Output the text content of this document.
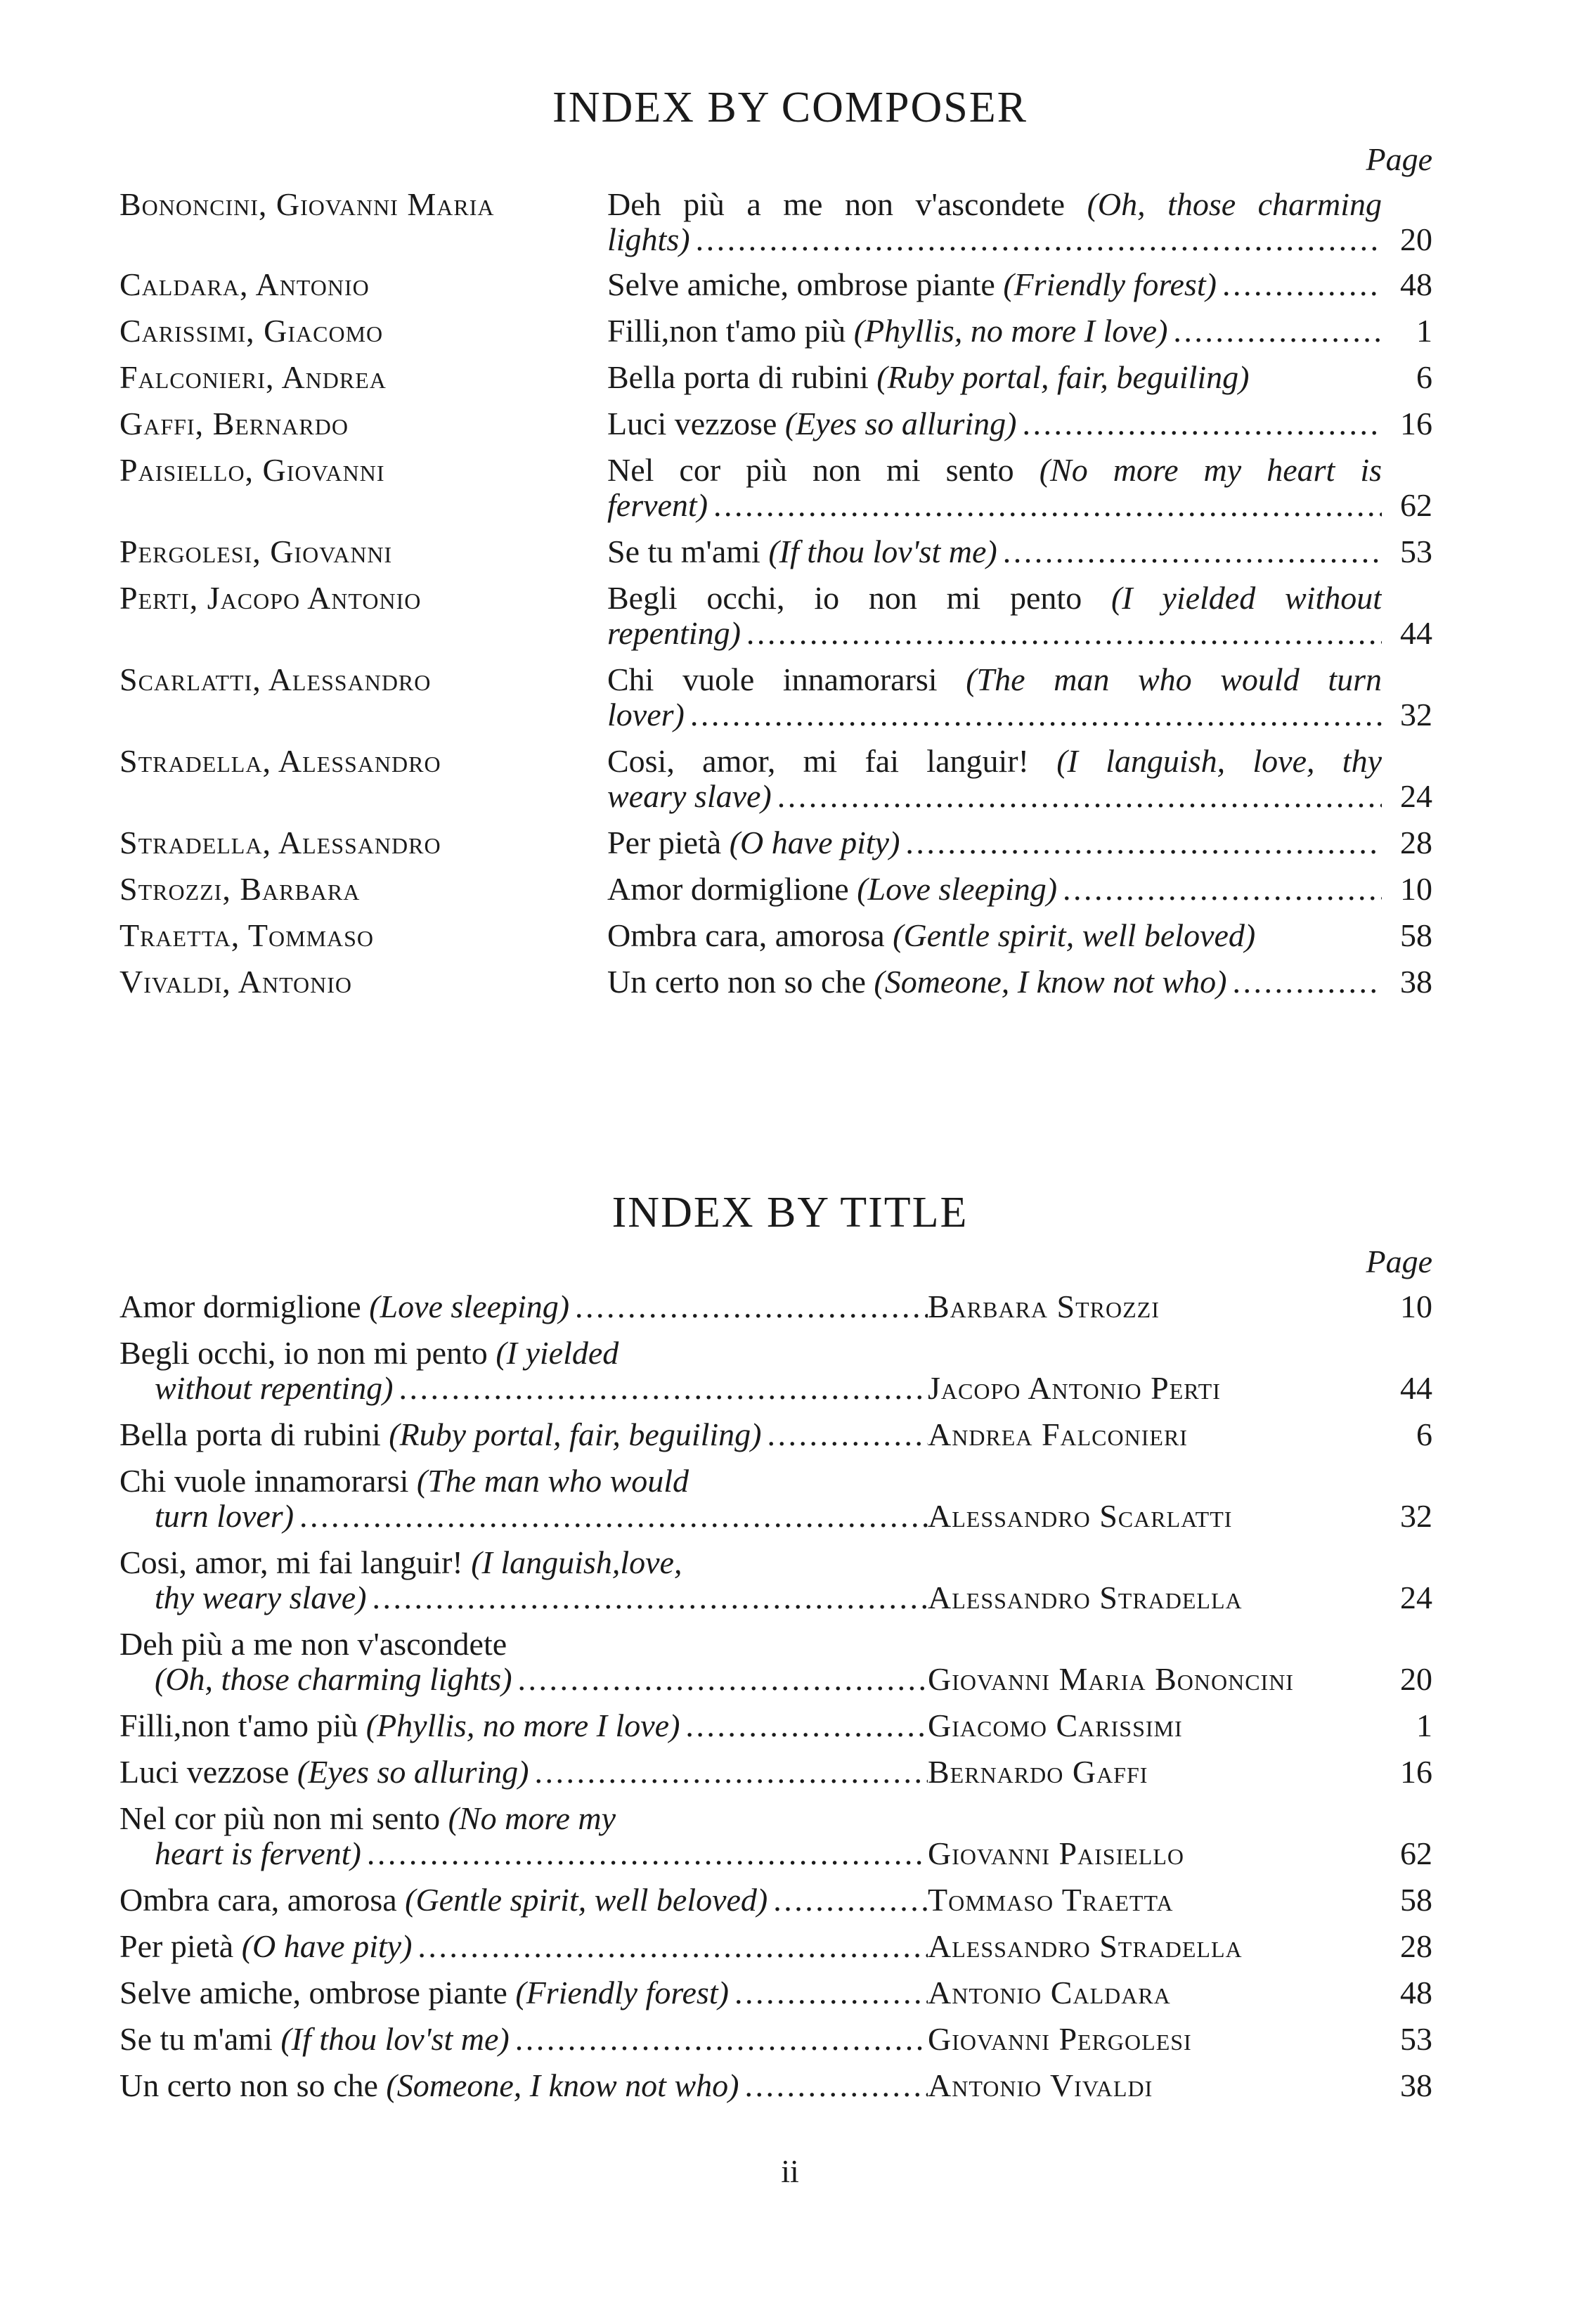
INDEX BY COMPOSER
Page
Bononcini, Giovanni Maria	Deh più a me non v'ascondete (Oh, those charming
lights) . . .	20
Caldara, Antonio	Selve amiche, ombrose piante (Friendly forest) . . .	48
Carissimi, Giacomo	Filli,non t'amo più (Phyllis, no more I love) . . .	1
Falconieri, Andrea	Bella porta di rubini (Ruby portal, fair, beguiling)	6
Gaffi, Bernardo	Luci vezzose (Eyes so alluring) . . .	16
Paisiello, Giovanni	Nel cor più non mi sento (No more my heart is
fervent) . . .	62
Pergolesi, Giovanni	Se tu m'ami (If thou lov'st me) . . .	53
Perti, Jacopo Antonio	Begli occhi, io non mi pento (I yielded without
repenting) . . .	44
Scarlatti, Alessandro	Chi vuole innamorarsi (The man who would turn
lover) . . .	32
Stradella, Alessandro	Cosi, amor, mi fai languir! (I languish, love, thy
weary slave) . . .	24
Stradella, Alessandro	Per pietà (O have pity) . . .	28
Strozzi, Barbara	Amor dormiglione (Love sleeping) . . .	10
Traetta, Tommaso	Ombra cara, amorosa (Gentle spirit, well beloved)	58
Vivaldi, Antonio	Un certo non so che (Someone, I know not who) . . .	38
INDEX BY TITLE
Page
Amor dormiglione (Love sleeping) . . .	Barbara Strozzi	10
Begli occhi, io non mi pento (I yielded
without repenting) . . .	Jacopo Antonio Perti	44
Bella porta di rubini (Ruby portal, fair, beguiling) . . .	Andrea Falconieri	6
Chi vuole innamorarsi (The man who would
turn lover) . . .	Alessandro Scarlatti	32
Cosi, amor, mi fai languir! (I languish,love,
thy weary slave) . . .	Alessandro Stradella	24
Deh più a me non v'ascondete
(Oh, those charming lights) . . .	Giovanni Maria Bononcini	20
Filli,non t'amo più (Phyllis, no more I love) . . .	Giacomo Carissimi	1
Luci vezzose (Eyes so alluring) . . .	Bernardo Gaffi	16
Nel cor più non mi sento (No more my
heart is fervent) . . .	Giovanni Paisiello	62
Ombra cara, amorosa (Gentle spirit, well beloved) . . .	Tommaso Traetta	58
Per pietà (O have pity) . . .	Alessandro Stradella	28
Selve amiche, ombrose piante (Friendly forest) . . .	Antonio Caldara	48
Se tu m'ami (If thou lov'st me) . . .	Giovanni Pergolesi	53
Un certo non so che (Someone, I know not who) . . .	Antonio Vivaldi	38
ii
